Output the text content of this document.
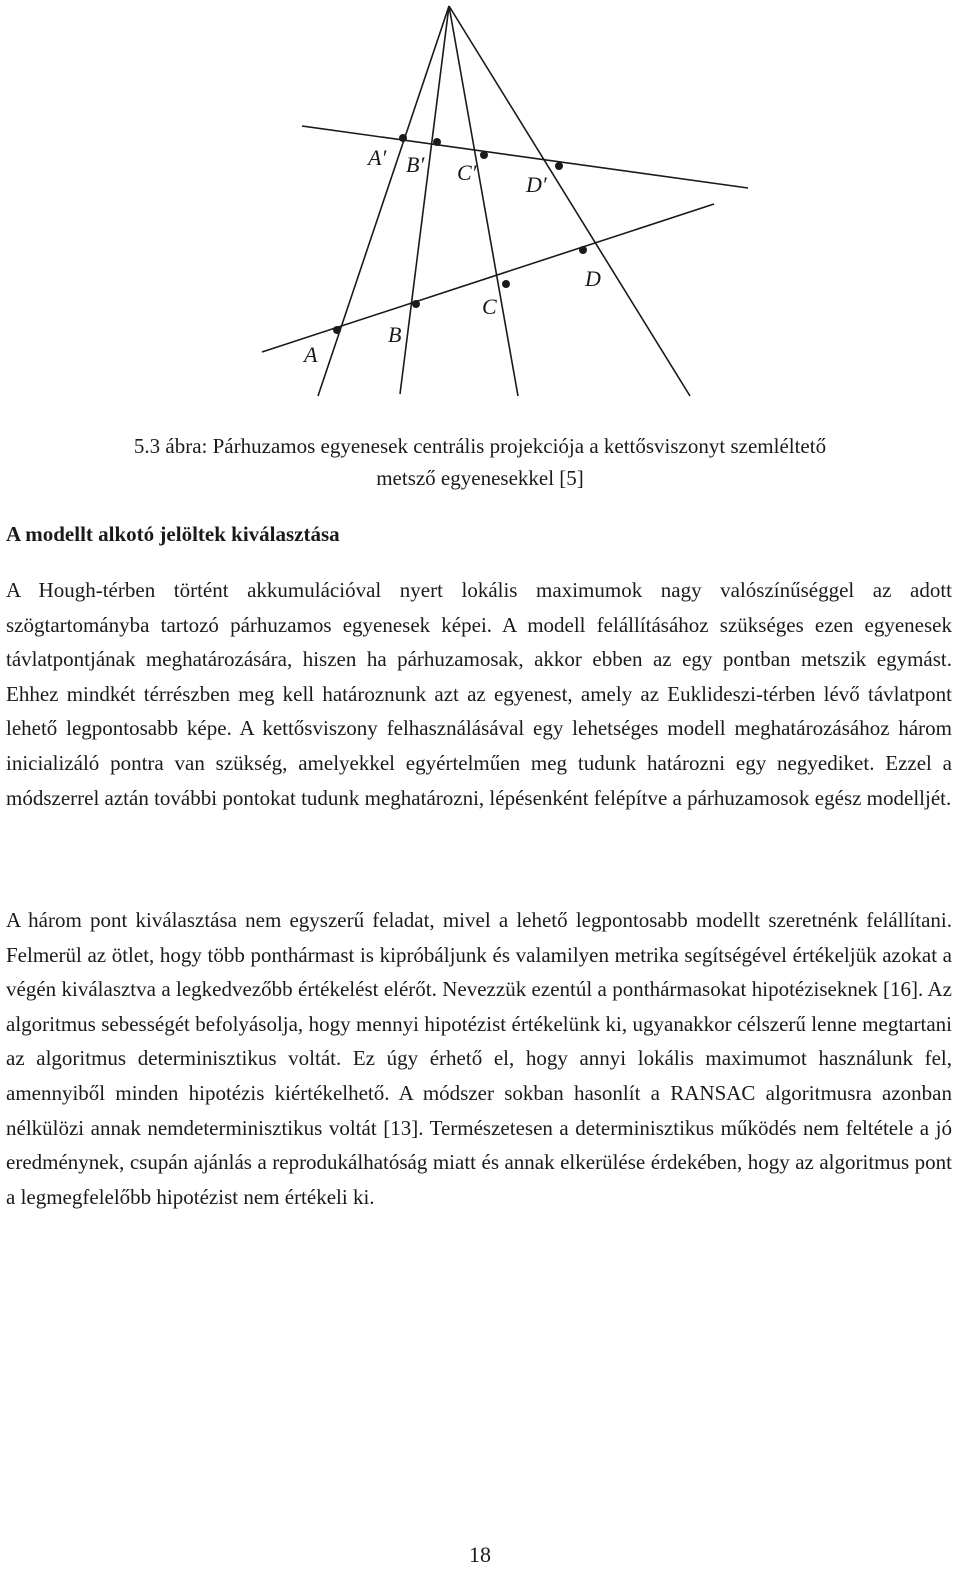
A′ B′ C′ D′
A
B
C
D
5.3 ábra: Párhuzamos egyenesek centrális projekciója a kettősviszonyt szemléltető
metsző egyenesekkel [5]
A modellt alkotó jelöltek kiválasztása

A Hough-térben történt akkumulációval nyert lokális maximumok nagy valószínűséggel az adott szögtartományba tartozó párhuzamos egyenesek képei. A modell felállításához szükséges ezen egyenesek távlatpontjának meghatározására, hiszen ha párhuzamosak, akkor ebben az egy pontban metszik egymást. Ehhez mindkét térrészben meg kell határoznunk azt az egyenest, amely az Euklideszi-térben lévő távlatpont lehető legpontosabb képe. A kettősviszony felhasználásával egy lehetséges modell meghatározásához három inicializáló pontra van szükség, amelyekkel egyértelműen meg tudunk határozni egy negyediket. Ezzel a módszerrel aztán további pontokat tudunk meghatározni, lépésenként felépítve a párhuzamosok egész modelljét.

A három pont kiválasztása nem egyszerű feladat, mivel a lehető legpontosabb modellt szeretnénk felállítani. Felmerül az ötlet, hogy több ponthármast is kipróbáljunk és valamilyen metrika segítségével értékeljük azokat a végén kiválasztva a legkedvezőbb értékelést elérőt. Nevezzük ezentúl a ponthármasokat hipotéziseknek [16]. Az algoritmus sebességét befolyásolja, hogy mennyi hipotézist értékelünk ki, ugyanakkor célszerű lenne megtartani az algoritmus determinisztikus voltát. Ez úgy érhető el, hogy annyi lokális maximumot használunk fel, amennyiből minden hipotézis kiértékelhető. A módszer sokban hasonlít a RANSAC algoritmusra azonban nélkülözi annak nemdeterminisztikus voltát [13]. Természetesen a determinisztikus működés nem feltétele a jó eredménynek, csupán ajánlás a reprodukálhatóság miatt és annak elkerülése érdekében, hogy az algoritmus pont a legmegfelelőbb hipotézist nem értékeli ki.

18
